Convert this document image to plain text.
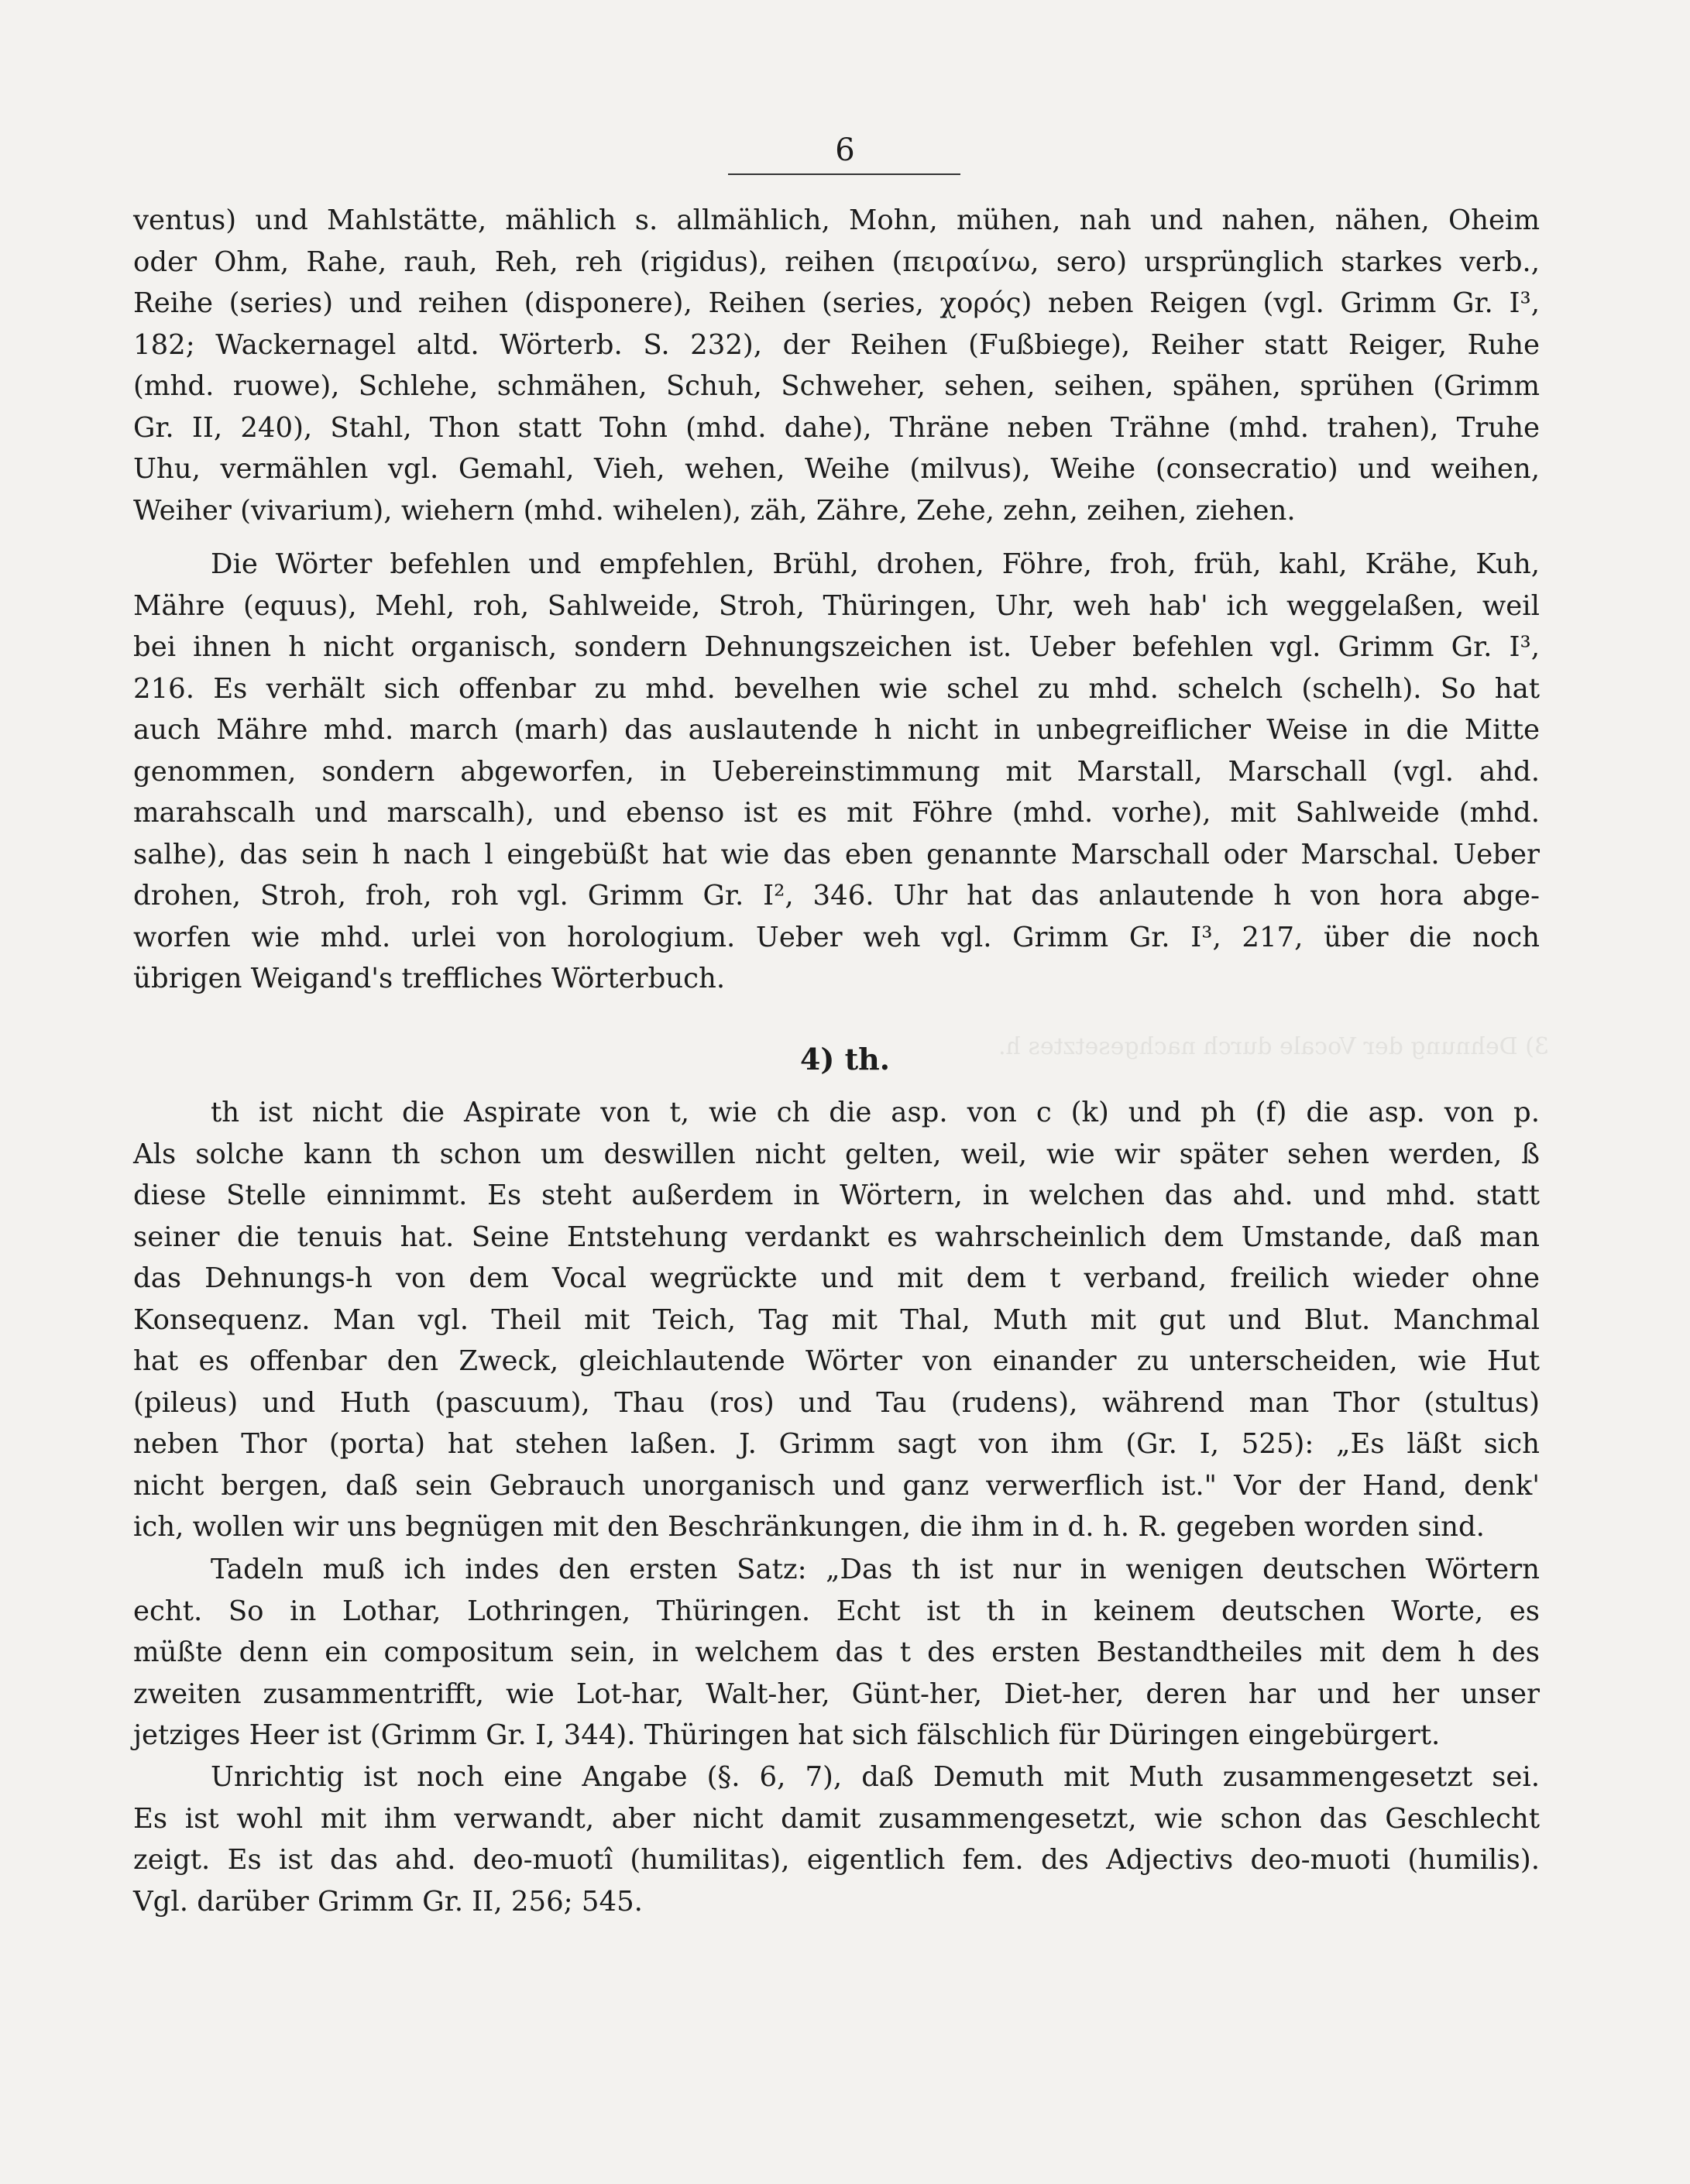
6
3) Dehnung der Vocale durch nachgesetztes h.

ventus) und Mahlstätte, mählich s. allmählich, Mohn, mühen, nah und nahen, nähen, Oheim
oder Ohm, Rahe, rauh, Reh, reh (rigidus), reihen (πειραίνω, sero) ursprünglich starkes verb.,
Reihe (series) und reihen (disponere), Reihen (series, χορός) neben Reigen (vgl. Grimm Gr. I³,
182; Wackernagel altd. Wörterb. S. 232), der Reihen (Fußbiege), Reiher statt Reiger, Ruhe
(mhd. ruowe), Schlehe, schmähen, Schuh, Schweher, sehen, seihen, spähen, sprühen (Grimm
Gr. II, 240), Stahl, Thon statt Tohn (mhd. dahe), Thräne neben Trähne (mhd. trahen), Truhe
Uhu, vermählen vgl. Gemahl, Vieh, wehen, Weihe (milvus), Weihe (consecratio) und weihen,
Weiher (vivarium), wiehern (mhd. wihelen), zäh, Zähre, Zehe, zehn, zeihen, ziehen.

Die Wörter befehlen und empfehlen, Brühl, drohen, Föhre, froh, früh, kahl, Krähe, Kuh,
Mähre (equus), Mehl, roh, Sahlweide, Stroh, Thüringen, Uhr, weh hab' ich weggelaßen, weil
bei ihnen h nicht organisch, sondern Dehnungszeichen ist. Ueber befehlen vgl. Grimm Gr. I³,
216. Es verhält sich offenbar zu mhd. bevelhen wie schel zu mhd. schelch (schelh). So hat
auch Mähre mhd. march (marh) das auslautende h nicht in unbegreiflicher Weise in die Mitte
genommen, sondern abgeworfen, in Uebereinstimmung mit Marstall, Marschall (vgl. ahd.
marahscalh und marscalh), und ebenso ist es mit Föhre (mhd. vorhe), mit Sahlweide (mhd.
salhe), das sein h nach l eingebüßt hat wie das eben genannte Marschall oder Marschal. Ueber
drohen, Stroh, froh, roh vgl. Grimm Gr. I², 346. Uhr hat das anlautende h von hora abge-
worfen wie mhd. urlei von horologium. Ueber weh vgl. Grimm Gr. I³, 217, über die noch
übrigen Weigand's treffliches Wörterbuch.

4) th.

th ist nicht die Aspirate von t, wie ch die asp. von c (k) und ph (f) die asp. von p.
Als solche kann th schon um deswillen nicht gelten, weil, wie wir später sehen werden, ß
diese Stelle einnimmt. Es steht außerdem in Wörtern, in welchen das ahd. und mhd. statt
seiner die tenuis hat. Seine Entstehung verdankt es wahrscheinlich dem Umstande, daß man
das Dehnungs-h von dem Vocal wegrückte und mit dem t verband, freilich wieder ohne
Konsequenz. Man vgl. Theil mit Teich, Tag mit Thal, Muth mit gut und Blut. Manchmal
hat es offenbar den Zweck, gleichlautende Wörter von einander zu unterscheiden, wie Hut
(pileus) und Huth (pascuum), Thau (ros) und Tau (rudens), während man Thor (stultus)
neben Thor (porta) hat stehen laßen. J. Grimm sagt von ihm (Gr. I, 525): „Es läßt sich
nicht bergen, daß sein Gebrauch unorganisch und ganz verwerflich ist." Vor der Hand, denk'
ich, wollen wir uns begnügen mit den Beschränkungen, die ihm in d. h. R. gegeben worden sind.

Tadeln muß ich indes den ersten Satz: „Das th ist nur in wenigen deutschen Wörtern
echt. So in Lothar, Lothringen, Thüringen. Echt ist th in keinem deutschen Worte, es
müßte denn ein compositum sein, in welchem das t des ersten Bestandtheiles mit dem h des
zweiten zusammentrifft, wie Lot-har, Walt-her, Günt-her, Diet-her, deren har und her unser
jetziges Heer ist (Grimm Gr. I, 344). Thüringen hat sich fälschlich für Düringen eingebürgert.

Unrichtig ist noch eine Angabe (§. 6, 7), daß Demuth mit Muth zusammengesetzt sei.
Es ist wohl mit ihm verwandt, aber nicht damit zusammengesetzt, wie schon das Geschlecht
zeigt. Es ist das ahd. deo-muotî (humilitas), eigentlich fem. des Adjectivs deo-muoti (humilis).
Vgl. darüber Grimm Gr. II, 256; 545.
